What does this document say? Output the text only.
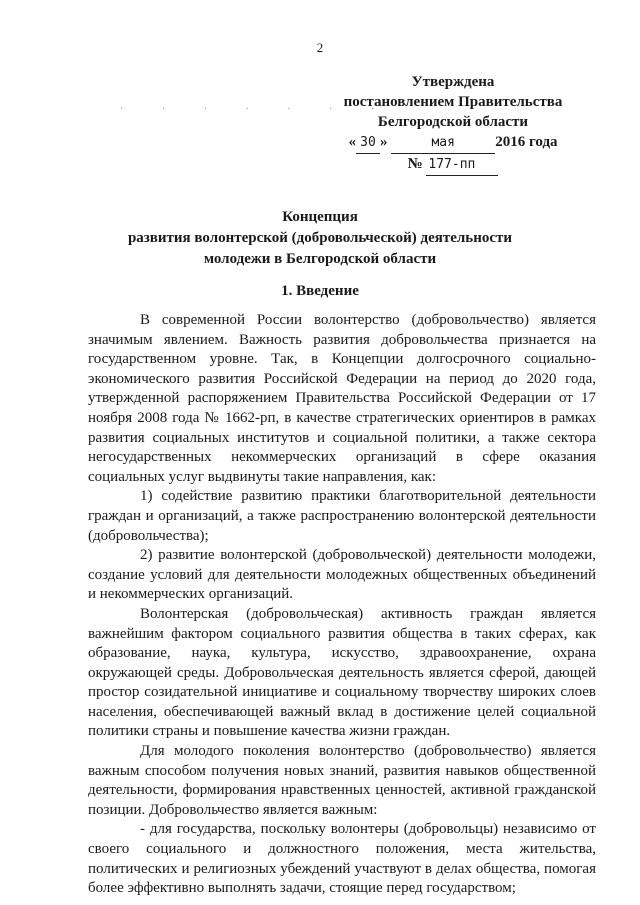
2
· · · · · · ·
Утверждена
постановлением Правительства
Белгородской области
« 30 »	мая	2016 года
№ 177-пп
Концепция
развития волонтерской (добровольческой) деятельности
молодежи в Белгородской области
1. Введение

В современной России волонтерство (добровольчество) является значимым явлением. Важность развития добровольчества признается на государственном уровне. Так, в Концепции долгосрочного социально-экономического развития Российской Федерации на период до 2020 года, утвержденной распоряжением Правительства Российской Федерации от 17 ноября 2008 года № 1662-рп, в качестве стратегических ориентиров в рамках развития социальных институтов и социальной политики, а также сектора негосударственных некоммерческих организаций в сфере оказания социальных услуг выдвинуты такие направления, как:

1) содействие развитию практики благотворительной деятельности граждан и организаций, а также распространению волонтерской деятельности (добровольчества);

2) развитие волонтерской (добровольческой) деятельности молодежи, создание условий для деятельности молодежных общественных объединений и некоммерческих организаций.

Волонтерская (добровольческая) активность граждан является важнейшим фактором социального развития общества в таких сферах, как образование, наука, культура, искусство, здравоохранение, охрана окружающей среды. Добровольческая деятельность является сферой, дающей простор созидательной инициативе и социальному творчеству широких слоев населения, обеспечивающей важный вклад в достижение целей социальной политики страны и повышение качества жизни граждан.

Для молодого поколения волонтерство (добровольчество) является важным способом получения новых знаний, развития навыков общественной деятельности, формирования нравственных ценностей, активной гражданской позиции. Добровольчество является важным:

- для государства, поскольку волонтеры (добровольцы) независимо от своего социального и должностного положения, места жительства, политических и религиозных убеждений участвуют в делах общества, помогая более эффективно выполнять задачи, стоящие перед государством;
